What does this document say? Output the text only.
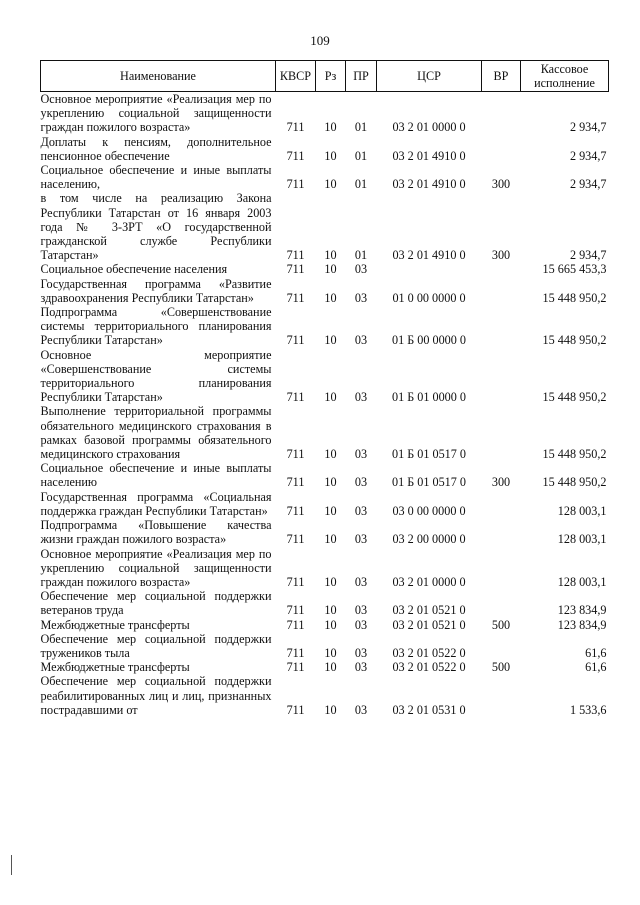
109
Наименование	КВСР	Рз	ПР	ЦСР	ВР	Кассовое исполнение
Основное мероприятие «Реализация мер по укреплению социальной защищенности граждан пожилого возраста»	711	10	01	03 2 01 0000 0		2 934,7
Доплаты к пенсиям, дополнительное пенсионное обеспечение	711	10	01	03 2 01 4910 0		2 934,7
Социальное обеспечение и иные выплаты населению,	711	10	01	03 2 01 4910 0	300	2 934,7
в том числе на реализацию Закона Республики Татарстан от 16 января 2003 года № 3-ЗРТ «О государственной гражданской службе Республики Татарстан»	711	10	01	03 2 01 4910 0	300	2 934,7
Социальное обеспечение населения	711	10	03			15 665 453,3
Государственная программа «Развитие здравоохранения Республики Татарстан»	711	10	03	01 0 00 0000 0		15 448 950,2
Подпрограмма «Совершенствование системы территориального планирования Республики Татарстан»	711	10	03	01 Б 00 0000 0		15 448 950,2
Основное мероприятие «Совершенствование системы территориального планирования Республики Татарстан»	711	10	03	01 Б 01 0000 0		15 448 950,2
Выполнение территориальной программы обязательного медицинского страхования в рамках базовой программы обязательного медицинского страхования	711	10	03	01 Б 01 0517 0		15 448 950,2
Социальное обеспечение и иные выплаты населению	711	10	03	01 Б 01 0517 0	300	15 448 950,2
Государственная программа «Социальная поддержка граждан Республики Татарстан»	711	10	03	03 0 00 0000 0		128 003,1
Подпрограмма «Повышение качества жизни граждан пожилого возраста»	711	10	03	03 2 00 0000 0		128 003,1
Основное мероприятие «Реализация мер по укреплению социальной защищенности граждан пожилого возраста»	711	10	03	03 2 01 0000 0		128 003,1
Обеспечение мер социальной поддержки ветеранов труда	711	10	03	03 2 01 0521 0		123 834,9
Межбюджетные трансферты	711	10	03	03 2 01 0521 0	500	123 834,9
Обеспечение мер социальной поддержки тружеников тыла	711	10	03	03 2 01 0522 0		61,6
Межбюджетные трансферты	711	10	03	03 2 01 0522 0	500	61,6
Обеспечение мер социальной поддержки реабилитированных лиц и лиц, признанных пострадавшими от	711	10	03	03 2 01 0531 0		1 533,6
